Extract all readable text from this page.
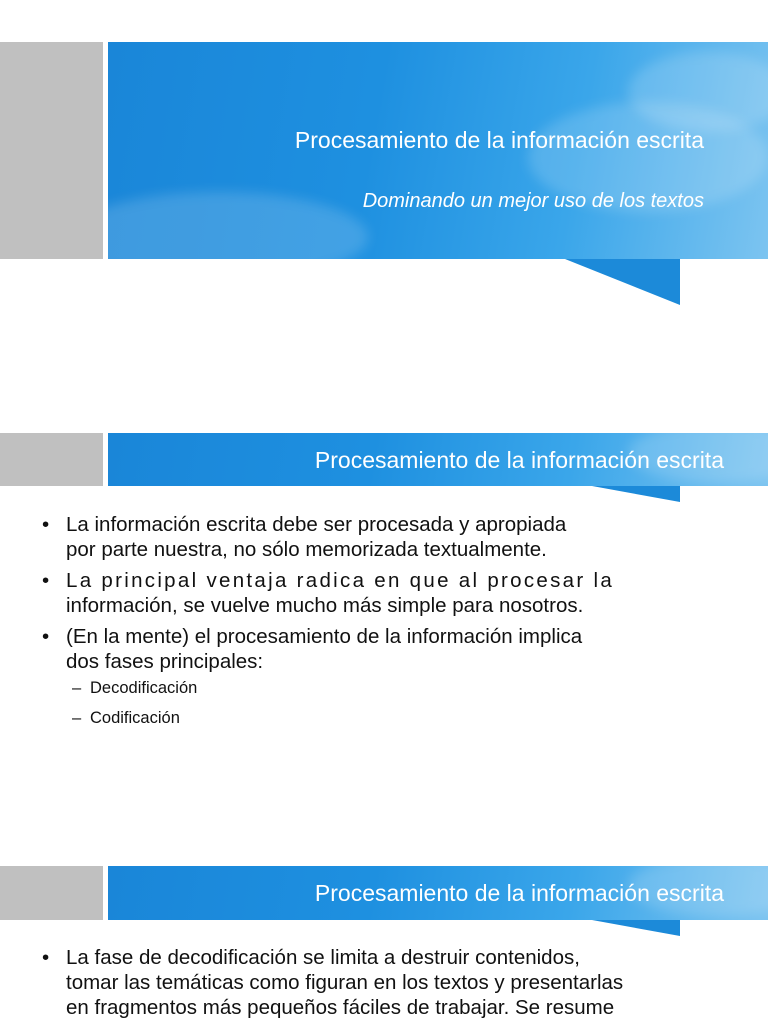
Procesamiento de la información escrita
Dominando un mejor uso de los textos
Procesamiento de la información escrita
• La información escrita debe ser procesada y apropiada
por parte nuestra, no sólo memorizada textualmente.
• La principal ventaja radica en que al procesar la
información, se vuelve mucho más simple para nosotros.
• (En la mente) el procesamiento de la información implica
dos fases principales:
– Decodificación
– Codificación
Procesamiento de la información escrita
• La fase de decodificación se limita a destruir contenidos,
tomar las temáticas como figuran en los textos y presentarlas
en fragmentos más pequeños fáciles de trabajar. Se resume
